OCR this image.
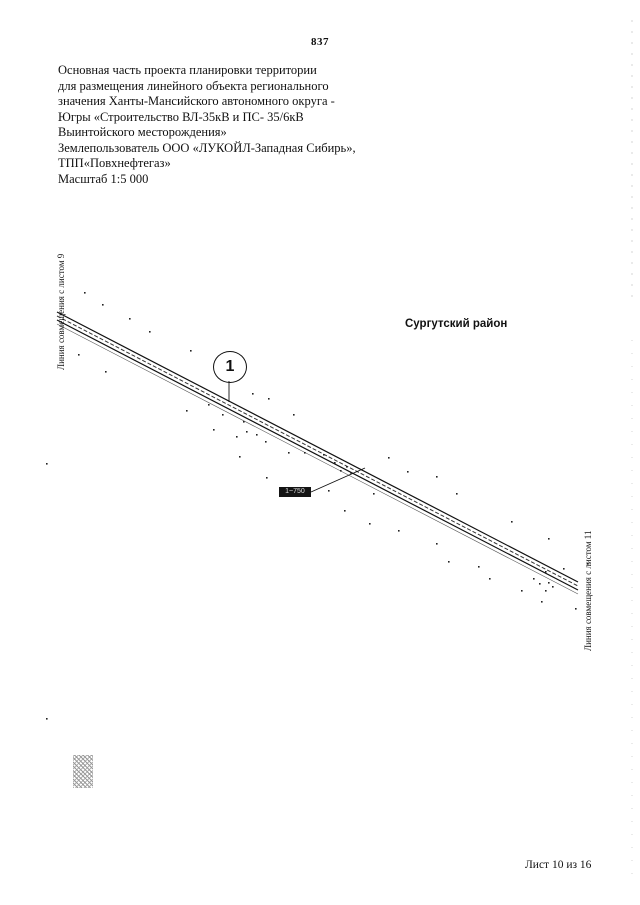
837
Основная часть проекта планировки территории
для размещения линейного объекта регионального
значения Ханты-Мансийского автономного округа -
Югры «Строительство ВЛ-35кВ и ПС- 35/6кВ
Выинтойского месторождения»
Землепользователь ООО «ЛУКОЙЛ-Западная Сибирь»,
ТПП«Повхнефтегаз»
Масштаб 1:5 000
Сургутский район
Линия совмещения с листом 9
Линия совмещения с листом 11
1
1~750
Лист 10 из 16
